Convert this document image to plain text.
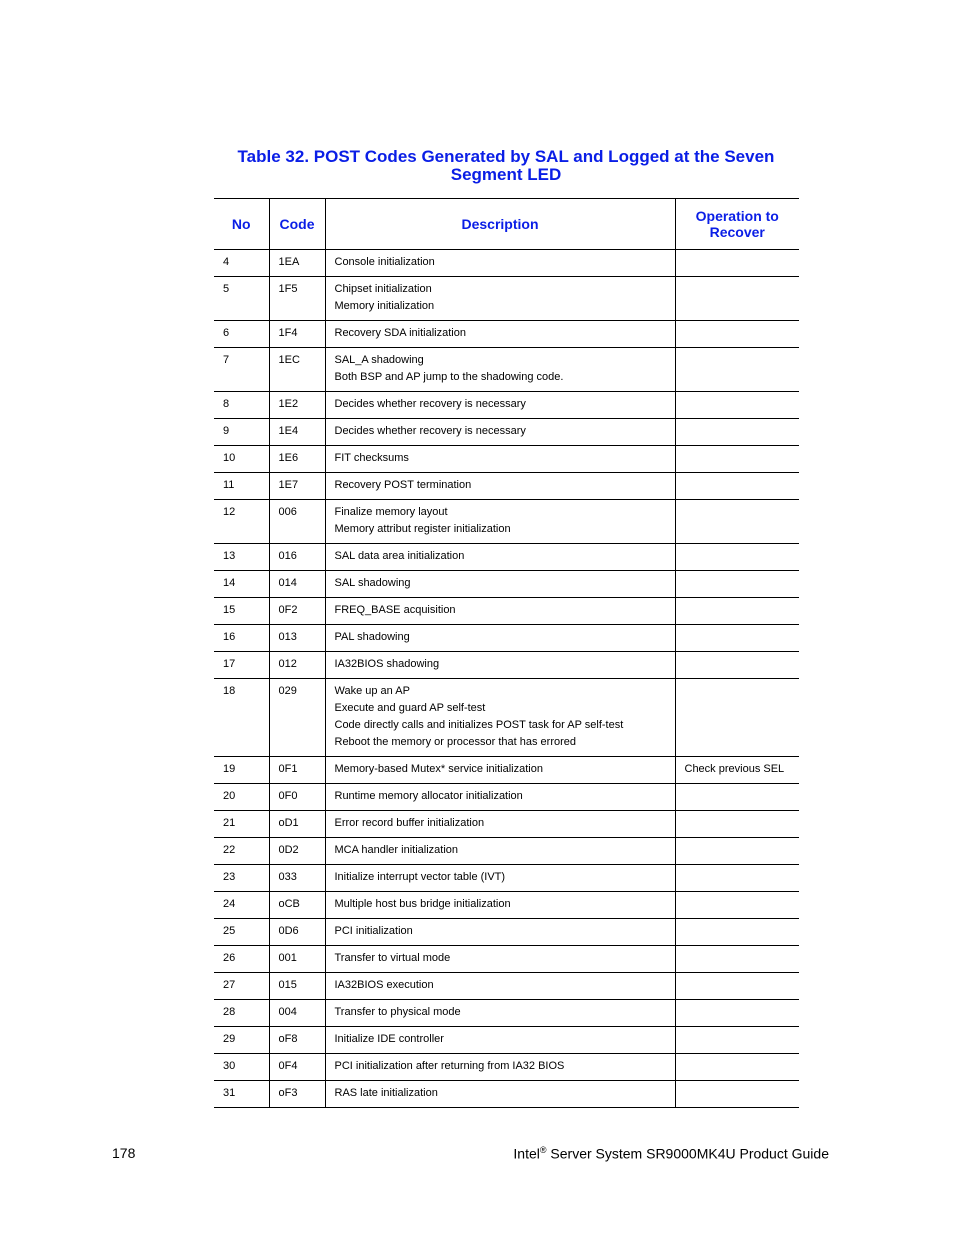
Table 32. POST Codes Generated by SAL and Logged at the Seven
Segment LED
No	Code	Description	Operation to
Recover
4	1EA	Console initialization	

5	1F5	Chipset initialization
Memory initialization	

6	1F4	Recovery SDA initialization	

7	1EC	SAL_A shadowing
Both BSP and AP jump to the shadowing code.	

8	1E2	Decides whether recovery is necessary	

9	1E4	Decides whether recovery is necessary	

10	1E6	FIT checksums	

11	1E7	Recovery POST termination	

12	006	Finalize memory layout
Memory attribut register initialization	

13	016	SAL data area initialization	

14	014	SAL shadowing	

15	0F2	FREQ_BASE acquisition	

16	013	PAL shadowing	

17	012	IA32BIOS shadowing	

18	029	Wake up an AP
Execute and guard AP self-test
Code directly calls and initializes POST task for AP self-test
Reboot the memory or processor that has errored	

19	0F1	Memory-based Mutex* service initialization	Check previous SEL
20	0F0	Runtime memory allocator initialization	

21	oD1	Error record buffer initialization	

22	0D2	MCA handler initialization	

23	033	Initialize interrupt vector table (IVT)	

24	oCB	Multiple host bus bridge initialization	

25	0D6	PCI initialization	

26	001	Transfer to virtual mode	

27	015	IA32BIOS execution	

28	004	Transfer to physical mode	

29	oF8	Initialize IDE controller	

30	0F4	PCI initialization after returning from IA32 BIOS	

31	oF3	RAS late initialization	

178	Intel® Server System SR9000MK4U Product Guide
